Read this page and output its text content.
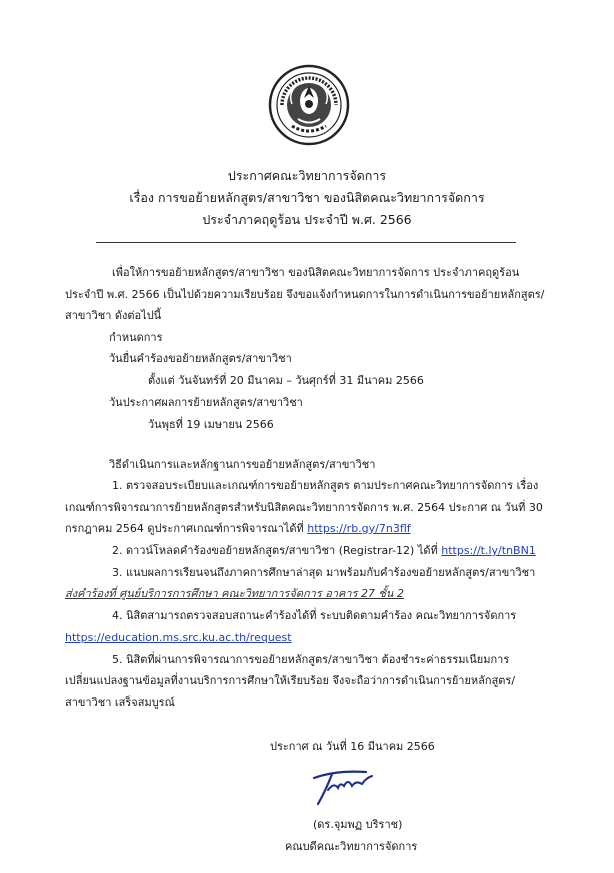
ประกาศคณะวิทยาการจัดการ
เรื่อง การขอย้ายหลักสูตร/สาขาวิชา ของนิสิตคณะวิทยาการจัดการ
ประจำภาคฤดูร้อน ประจำปี พ.ศ. 2566
เพื่อให้การขอย้ายหลักสูตร/สาขาวิชา ของนิสิตคณะวิทยาการจัดการ ประจำภาคฤดูร้อน
ประจำปี พ.ศ. 2566 เป็นไปด้วยความเรียบร้อย จึงขอแจ้งกำหนดการในการดำเนินการขอย้ายหลักสูตร/
สาขาวิชา ดังต่อไปนี้
กำหนดการ
วันยื่นคำร้องขอย้ายหลักสูตร/สาขาวิชา
ตั้งแต่ วันจันทร์ที่ 20 มีนาคม – วันศุกร์ที่ 31 มีนาคม 2566
วันประกาศผลการย้ายหลักสูตร/สาขาวิชา
วันพุธที่ 19 เมษายน 2566
วิธีดำเนินการและหลักฐานการขอย้ายหลักสูตร/สาขาวิชา
1. ตรวจสอบระเบียบและเกณฑ์การขอย้ายหลักสูตร ตามประกาศคณะวิทยาการจัดการ เรื่อง
เกณฑ์การพิจารณาการย้ายหลักสูตรสำหรับนิสิตคณะวิทยาการจัดการ พ.ศ. 2564 ประกาศ ณ วันที่ 30
กรกฎาคม 2564 ดูประกาศเกณฑ์การพิจารณาได้ที่ https://rb.gy/7n3flf
2. ดาวน์โหลดคำร้องขอย้ายหลักสูตร/สาขาวิชา (Registrar-12) ได้ที่ https://t.ly/tnBN1
3. แนบผลการเรียนจนถึงภาคการศึกษาล่าสุด มาพร้อมกับคำร้องขอย้ายหลักสูตร/สาขาวิชา
ส่งคำร้องที่ ศูนย์บริการการศึกษา คณะวิทยาการจัดการ อาคาร 27 ชั้น 2
4. นิสิตสามารถตรวจสอบสถานะคำร้องได้ที่ ระบบติดตามคำร้อง คณะวิทยาการจัดการ
https://education.ms.src.ku.ac.th/request
5. นิสิตที่ผ่านการพิจารณาการขอย้ายหลักสูตร/สาขาวิชา ต้องชำระค่าธรรมเนียมการ
เปลี่ยนแปลงฐานข้อมูลที่งานบริการการศึกษาให้เรียบร้อย จึงจะถือว่าการดำเนินการย้ายหลักสูตร/
สาขาวิชา เสร็จสมบูรณ์
ประกาศ ณ วันที่ 16 มีนาคม 2566
(ดร.จุมพฏ บริราช)
คณบดีคณะวิทยาการจัดการ
